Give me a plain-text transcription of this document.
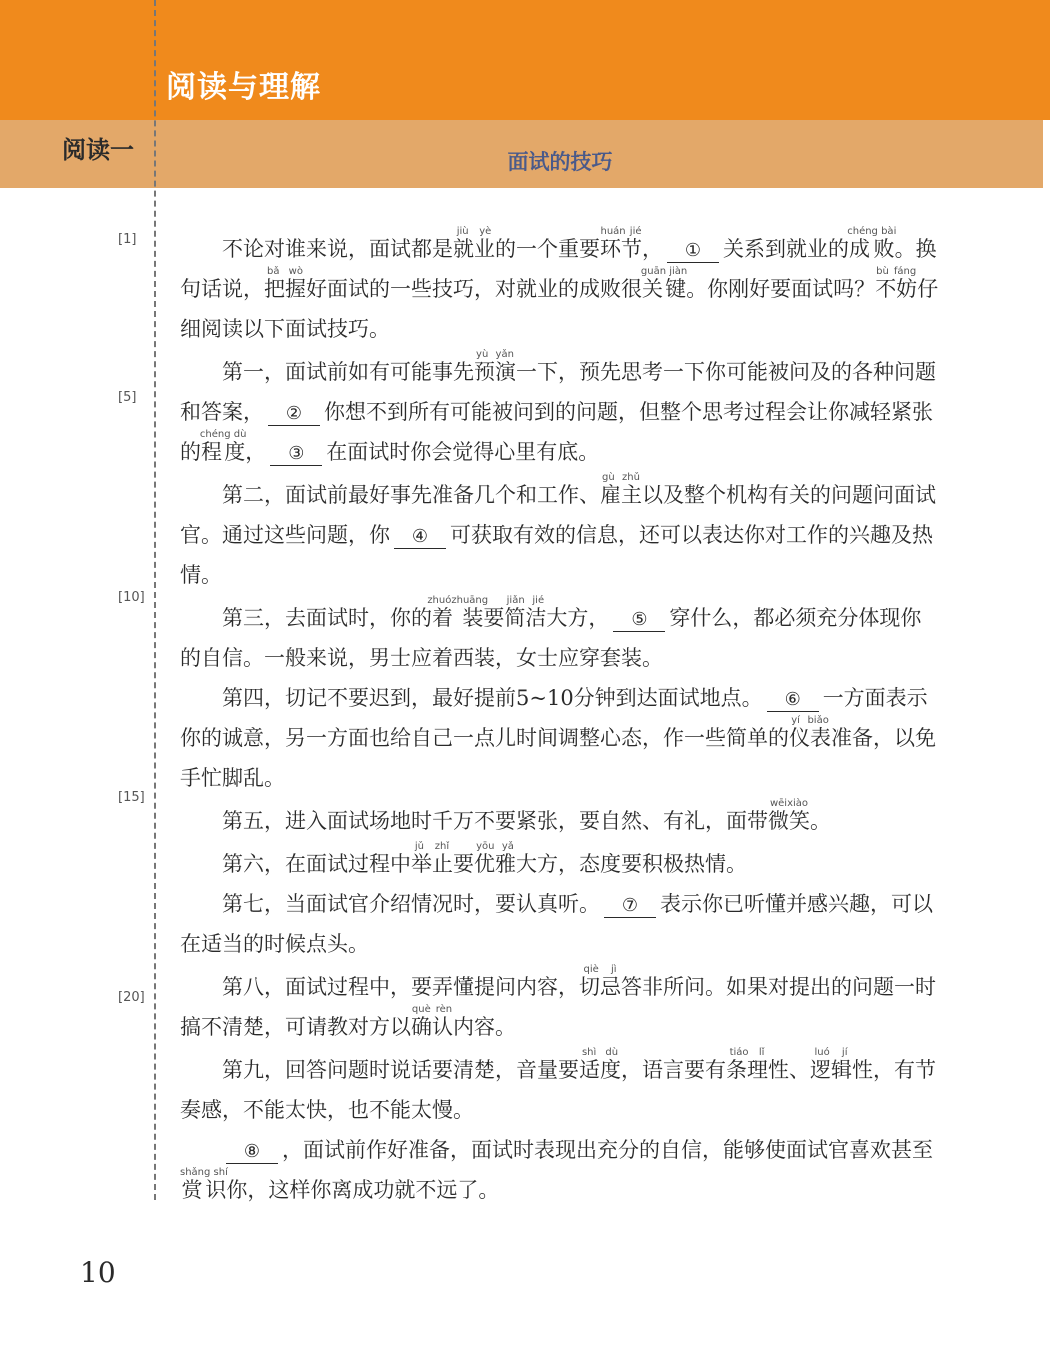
阅读与理解
阅读一	面试的技巧
[1]
[5]
[10]
[15]
[20]

不论对谁来说，面试都是就业jiù yè的一个重要环节huán jié， ① 关系到就业的成败chéng bài。换句话说，把握bǎ wò好面试的一些技巧，对就业的成败很关键guān jiàn。你刚好要面试吗？不妨bù fáng仔细阅读以下面试技巧。

第一，面试前如有可能事先预演yù yǎn一下，预先思考一下你可能被问及的各种问题和答案， ② 你想不到所有可能被问到的问题，但整个思考过程会让你减轻紧张的程度chéng dù， ③ 在面试时你会觉得心里有底。

第二，面试前最好事先准备几个和工作、雇主gù zhǔ以及整个机构有关的问题问面试官。通过这些问题，你 ④ 可获取有效的信息，还可以表达你对工作的兴趣及热情。

第三，去面试时，你的着装zhuózhuāng要简洁jiǎn jié大方， ⑤ 穿什么，都必须充分体现你的自信。一般来说，男士应着西装，女士应穿套装。

第四，切记不要迟到，最好提前5~10分钟到达面试地点。 ⑥ 一方面表示你的诚意，另一方面也给自己一点儿时间调整心态，作一些简单的仪表yí biǎo准备，以免手忙脚乱。

第五，进入面试场地时千万不要紧张，要自然、有礼，面带微笑wēixiào。

第六，在面试过程中举止jǔ zhǐ要优雅yōu yǎ大方，态度要积极热情。

第七，当面试官介绍情况时，要认真听。 ⑦ 表示你已听懂并感兴趣，可以在适当的时候点头。

第八，面试过程中，要弄懂提问内容，切忌qiè jì答非所问。如果对提出的问题一时搞不清楚，可请教对方以确认què rèn内容。

第九，回答问题时说话要清楚，音量要适度shì dù，语言要有条理tiáo lǐ性、逻辑luó jí性，有节奏感，不能太快，也不能太慢。

⑧ ，面试前作好准备，面试时表现出充分的自信，能够使面试官喜欢甚至赏识shǎng shí你，这样你离成功就不远了。

10
